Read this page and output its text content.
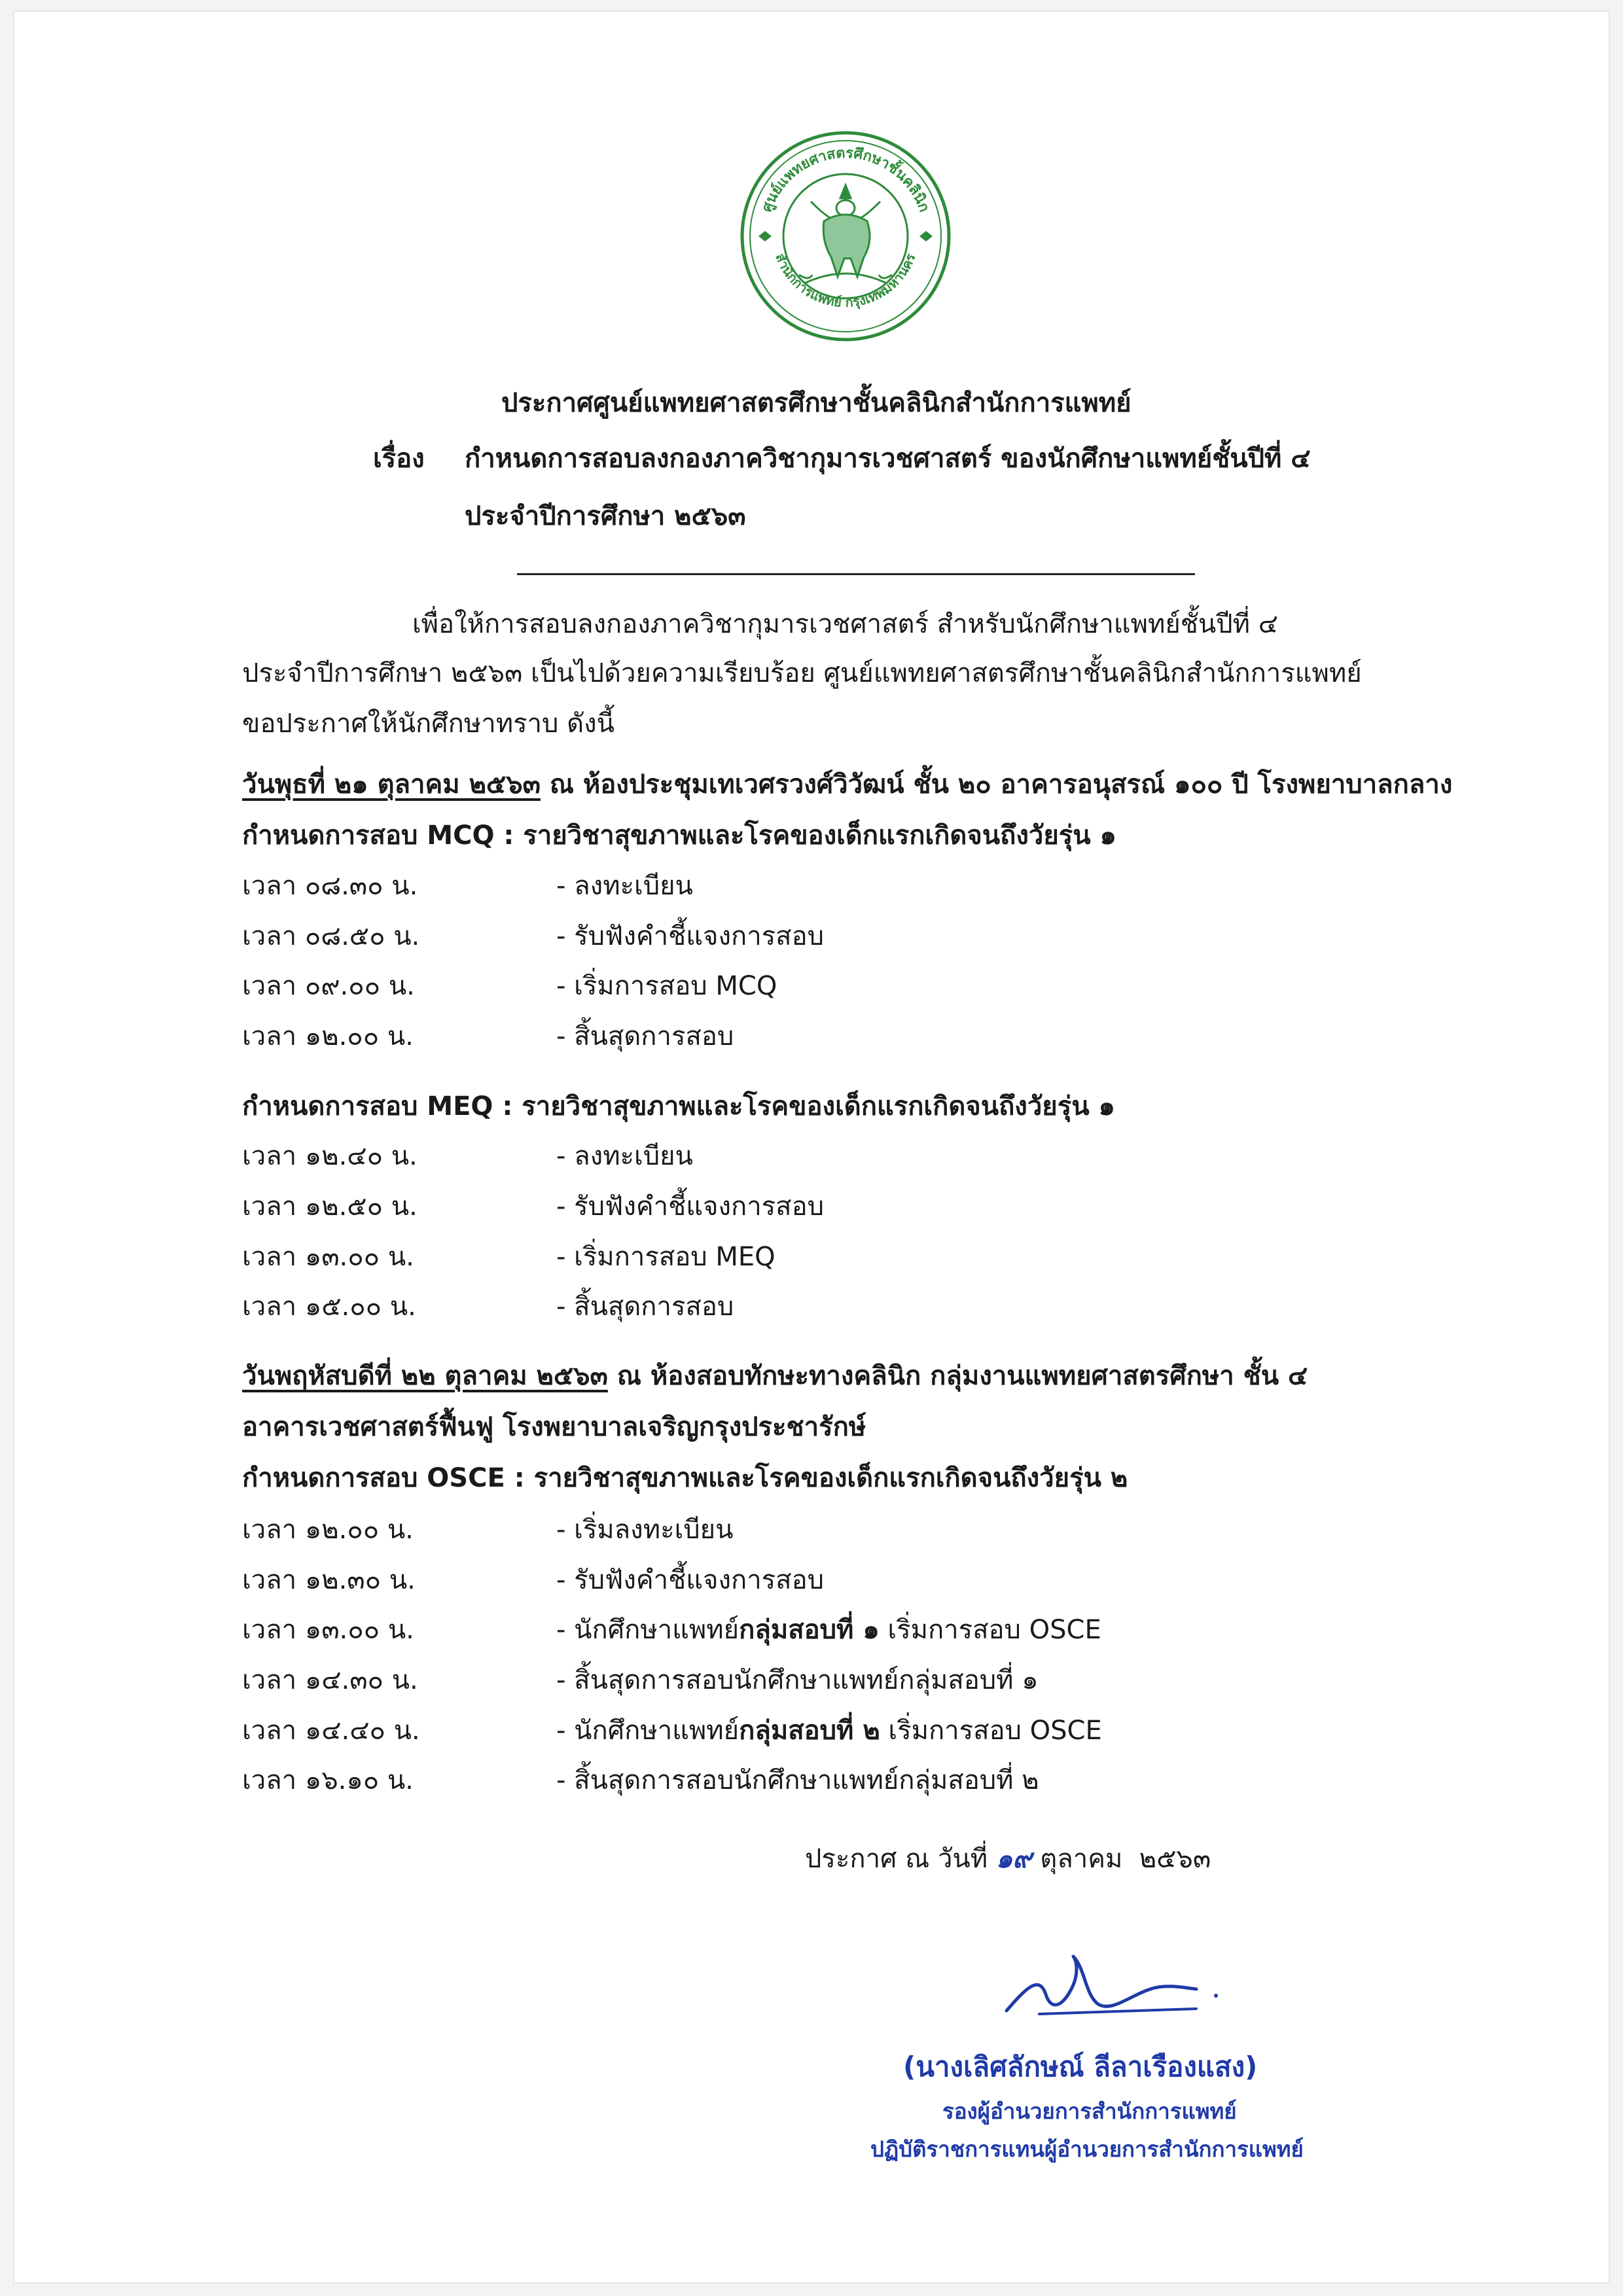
ศูนย์แพทยศาสตรศึกษาชั้นคลินิก
สำนักการแพทย์ กรุงเทพมหานคร
ประกาศศูนย์แพทยศาสตรศึกษาชั้นคลินิกสำนักการแพทย์
เรื่อง กำหนดการสอบลงกองภาควิชากุมารเวชศาสตร์ ของนักศึกษาแพทย์ชั้นปีที่ ๔
ประจำปีการศึกษา ๒๕๖๓
เพื่อให้การสอบลงกองภาควิชากุมารเวชศาสตร์ สำหรับนักศึกษาแพทย์ชั้นปีที่ ๔
ประจำปีการศึกษา ๒๕๖๓ เป็นไปด้วยความเรียบร้อย ศูนย์แพทยศาสตรศึกษาชั้นคลินิกสำนักการแพทย์
ขอประกาศให้นักศึกษาทราบ ดังนี้
วันพุธที่ ๒๑ ตุลาคม ๒๕๖๓ ณ ห้องประชุมเทเวศรวงศ์วิวัฒน์ ชั้น ๒๐ อาคารอนุสรณ์ ๑๐๐ ปี โรงพยาบาลกลาง
กำหนดการสอบ MCQ : รายวิชาสุขภาพและโรคของเด็กแรกเกิดจนถึงวัยรุ่น ๑
เวลา ๐๘.๓๐ น.	- ลงทะเบียน
เวลา ๐๘.๕๐ น.	- รับฟังคำชี้แจงการสอบ
เวลา ๐๙.๐๐ น.	- เริ่มการสอบ MCQ
เวลา ๑๒.๐๐ น.	- สิ้นสุดการสอบ
กำหนดการสอบ MEQ : รายวิชาสุขภาพและโรคของเด็กแรกเกิดจนถึงวัยรุ่น ๑
เวลา ๑๒.๔๐ น.	- ลงทะเบียน
เวลา ๑๒.๕๐ น.	- รับฟังคำชี้แจงการสอบ
เวลา ๑๓.๐๐ น.	- เริ่มการสอบ MEQ
เวลา ๑๕.๐๐ น.	- สิ้นสุดการสอบ
วันพฤหัสบดีที่ ๒๒ ตุลาคม ๒๕๖๓ ณ ห้องสอบทักษะทางคลินิก กลุ่มงานแพทยศาสตรศึกษา ชั้น ๔
อาคารเวชศาสตร์ฟื้นฟู โรงพยาบาลเจริญกรุงประชารักษ์
กำหนดการสอบ OSCE : รายวิชาสุขภาพและโรคของเด็กแรกเกิดจนถึงวัยรุ่น ๒
เวลา ๑๒.๐๐ น.	- เริ่มลงทะเบียน
เวลา ๑๒.๓๐ น.	- รับฟังคำชี้แจงการสอบ
เวลา ๑๓.๐๐ น.	- นักศึกษาแพทย์กลุ่มสอบที่ ๑ เริ่มการสอบ OSCE
เวลา ๑๔.๓๐ น.	- สิ้นสุดการสอบนักศึกษาแพทย์กลุ่มสอบที่ ๑
เวลา ๑๔.๔๐ น.	- นักศึกษาแพทย์กลุ่มสอบที่ ๒ เริ่มการสอบ OSCE
เวลา ๑๖.๑๐ น.	- สิ้นสุดการสอบนักศึกษาแพทย์กลุ่มสอบที่ ๒
ประกาศ ณ วันที่ ๑๙ ตุลาคม ๒๕๖๓
(นางเลิศลักษณ์ ลีลาเรืองแสง)
รองผู้อำนวยการสำนักการแพทย์
ปฏิบัติราชการแทนผู้อำนวยการสำนักการแพทย์
